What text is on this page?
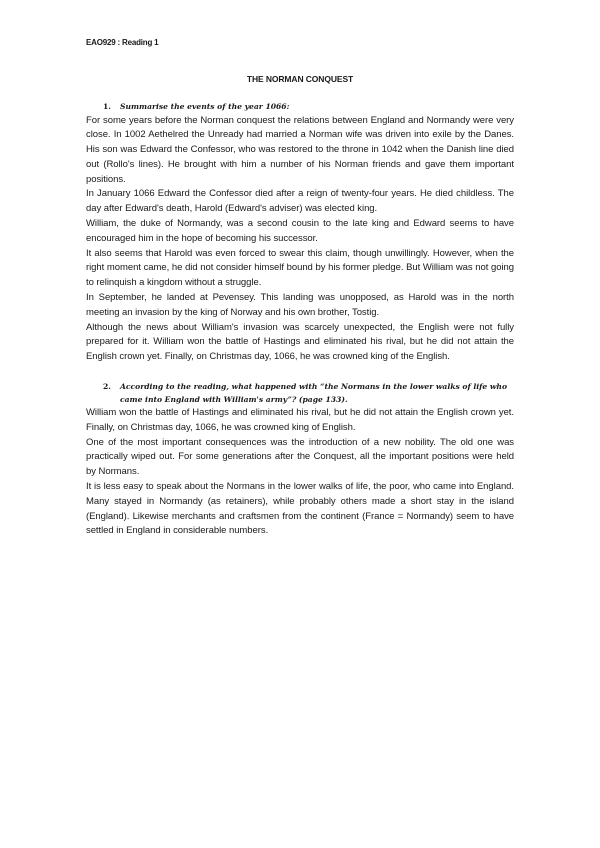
EAO929 : Reading 1
THE NORMAN CONQUEST
1.	Summarise the events of the year 1066:

For some years before the Norman conquest the relations between England and Normandy were very close. In 1002 Aethelred the Unready had married a Norman wife was driven into exile by the Danes. His son was Edward the Confessor, who was restored to the throne in 1042 when the Danish line died out (Rollo's lines). He brought with him a number of his Norman friends and gave them important positions.

In January 1066 Edward the Confessor died after a reign of twenty-four years. He died childless. The day after Edward's death, Harold (Edward's adviser) was elected king.

William, the duke of Normandy, was a second cousin to the late king and Edward seems to have encouraged him in the hope of becoming his successor.

It also seems that Harold was even forced to swear this claim, though unwillingly. However, when the right moment came, he did not consider himself bound by his former pledge. But William was not going to relinquish a kingdom without a struggle.

In September, he landed at Pevensey. This landing was unopposed, as Harold was in the north meeting an invasion by the king of Norway and his own brother, Tostig.

Although the news about William's invasion was scarcely unexpected, the English were not fully prepared for it. William won the battle of Hastings and eliminated his rival, but he did not attain the English crown yet. Finally, on Christmas day, 1066, he was crowned king of the English.

2.	According to the reading, what happened with “the Normans in the lower walks of life who came into England with William's army”? (page 133).

William won the battle of Hastings and eliminated his rival, but he did not attain the English crown yet. Finally, on Christmas day, 1066, he was crowned king of English.

One of the most important consequences was the introduction of a new nobility. The old one was practically wiped out. For some generations after the Conquest, all the important positions were held by Normans.

It is less easy to speak about the Normans in the lower walks of life, the poor, who came into England. Many stayed in Normandy (as retainers), while probably others made a short stay in the island (England). Likewise merchants and craftsmen from the continent (France = Normandy) seem to have settled in England in considerable numbers.
